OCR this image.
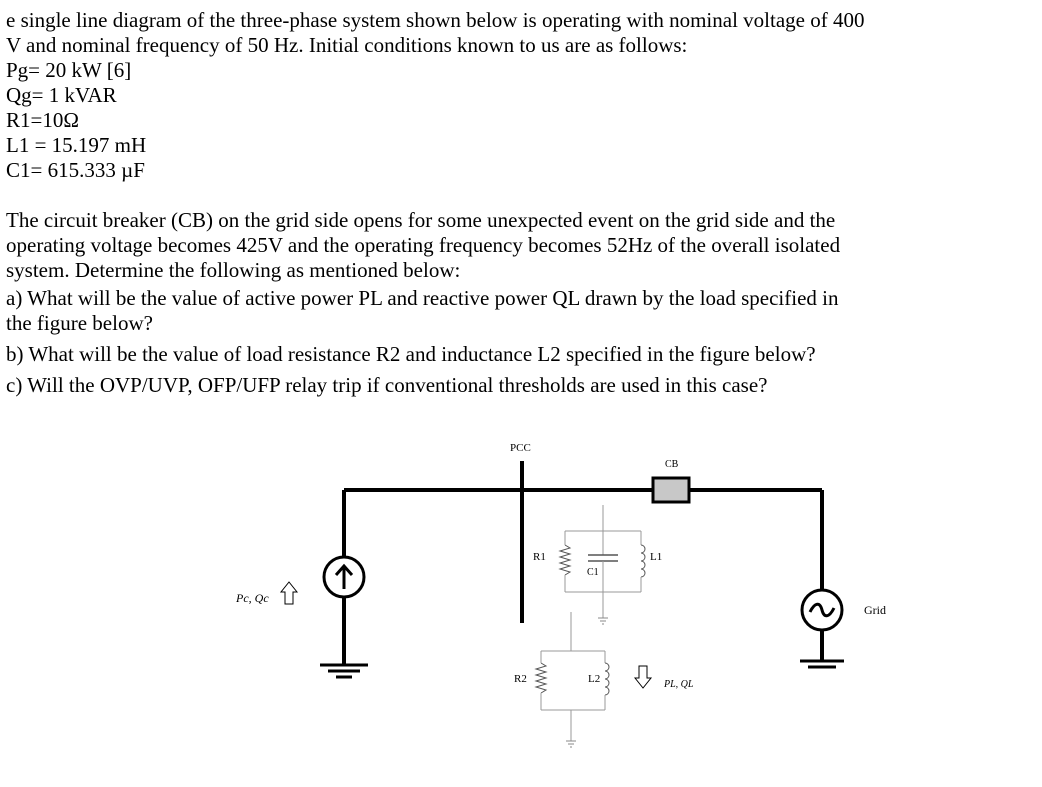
e single line diagram of the three-phase system shown below is operating with nominal voltage of 400

V and nominal frequency of 50 Hz. Initial conditions known to us are as follows:

Pg= 20 kW [6]

Qg= 1 kVAR

R1=10Ω

L1 = 15.197 mH

C1= 615.333 µF

The circuit breaker (CB) on the grid side opens for some unexpected event on the grid side and the

operating voltage becomes 425V and the operating frequency becomes 52Hz of the overall isolated

system. Determine the following as mentioned below:

a) What will be the value of active power PL and reactive power QL drawn by the load specified in

the figure below?

b) What will be the value of load resistance R2 and inductance L2 specified in the figure below?

c) Will the OVP/UVP, OFP/UFP relay trip if conventional thresholds are used in this case?

PCC
Pc, Qc
R1
C1
L1
R2	L2	PL, QL
CB
Grid
